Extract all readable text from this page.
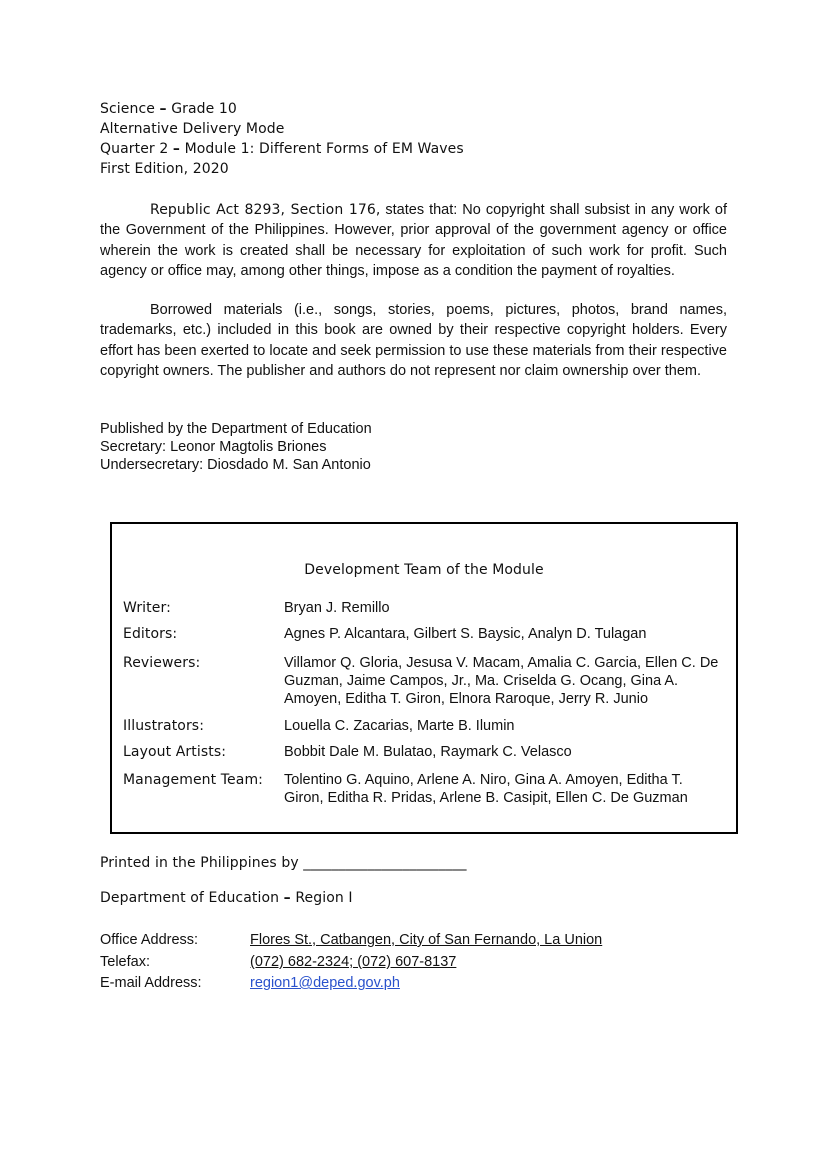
Science – Grade 10
Alternative Delivery Mode
Quarter 2 – Module 1: Different Forms of EM Waves
First Edition, 2020

Republic Act 8293, Section 176, states that: No copyright shall subsist in any work of the Government of the Philippines. However, prior approval of the government agency or office wherein the work is created shall be necessary for exploitation of such work for profit. Such agency or office may, among other things, impose as a condition the payment of royalties.

Borrowed materials (i.e., songs, stories, poems, pictures, photos, brand names, trademarks, etc.) included in this book are owned by their respective copyright holders. Every effort has been exerted to locate and seek permission to use these materials from their respective copyright owners. The publisher and authors do not represent nor claim ownership over them.

Published by the Department of Education
Secretary: Leonor Magtolis Briones
Undersecretary: Diosdado M. San Antonio
Development Team of the Module
Writer:	Bryan J. Remillo
Editors:	Agnes P. Alcantara, Gilbert S. Baysic, Analyn D. Tulagan
Reviewers:	Villamor Q. Gloria, Jesusa V. Macam, Amalia C. Garcia, Ellen C. De Guzman, Jaime Campos, Jr., Ma. Criselda G. Ocang, Gina A. Amoyen, Editha T. Giron, Elnora Raroque, Jerry R. Junio
Illustrators:	Louella C. Zacarias, Marte B. Ilumin
Layout Artists:	Bobbit Dale M. Bulatao, Raymark C. Velasco
Management Team:	Tolentino G. Aquino, Arlene A. Niro, Gina A. Amoyen, Editha T. Giron, Editha R. Pridas, Arlene B. Casipit, Ellen C. De Guzman
Printed in the Philippines by _______________________
Department of Education – Region I
Office Address:	Flores St., Catbangen, City of San Fernando, La Union
Telefax:	(072) 682-2324; (072) 607-8137
E-mail Address:	region1@deped.gov.ph
